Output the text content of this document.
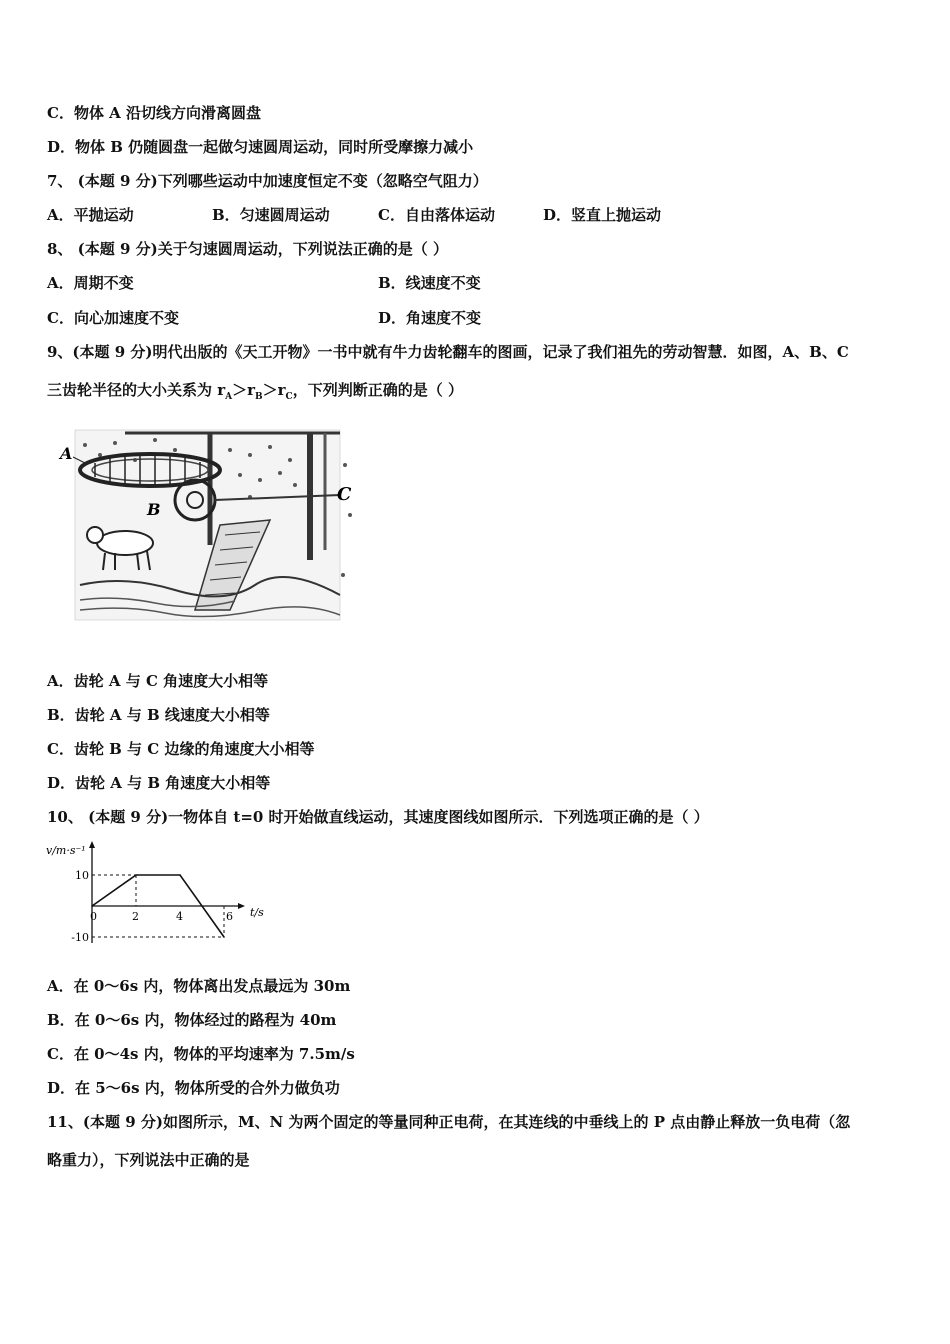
C．物体 A 沿切线方向滑离圆盘
D．物体 B 仍随圆盘一起做匀速圆周运动，同时所受摩擦力减小
7、 (本题 9 分)下列哪些运动中加速度恒定不变（忽略空气阻力）
A．平抛运动	B．匀速圆周运动	C．自由落体运动	D．竖直上抛运动
8、 (本题 9 分)关于匀速圆周运动，下列说法正确的是（ ）
A．周期不变	B．线速度不变
C．向心加速度不变	D．角速度不变
9、(本题 9 分)明代出版的《天工开物》一书中就有牛力齿轮翻车的图画，记录了我们祖先的劳动智慧．如图，A、B、C
三齿轮半径的大小关系为 $r_A>r_B>r_C$，下列判断正确的是（ ）
A
B
C
A．齿轮 A 与 C 角速度大小相等
B．齿轮 A 与 B 线速度大小相等
C．齿轮 B 与 C 边缘的角速度大小相等
D．齿轮 A 与 B 角速度大小相等
10、 (本题 9 分)一物体自 t=0 时开始做直线运动，其速度图线如图所示．下列选项正确的是（ ）
0	2	4	6
10
-10
v/m·s⁻¹
t/s
A．在 0～6s 内，物体离出发点最远为 30m
B．在 0～6s 内，物体经过的路程为 40m
C．在 0～4s 内，物体的平均速率为 7.5m/s
D．在 5～6s 内，物体所受的合外力做负功
11、(本题 9 分)如图所示，M、N 为两个固定的等量同种正电荷，在其连线的中垂线上的 P 点由静止释放一负电荷（忽
略重力），下列说法中正确的是
